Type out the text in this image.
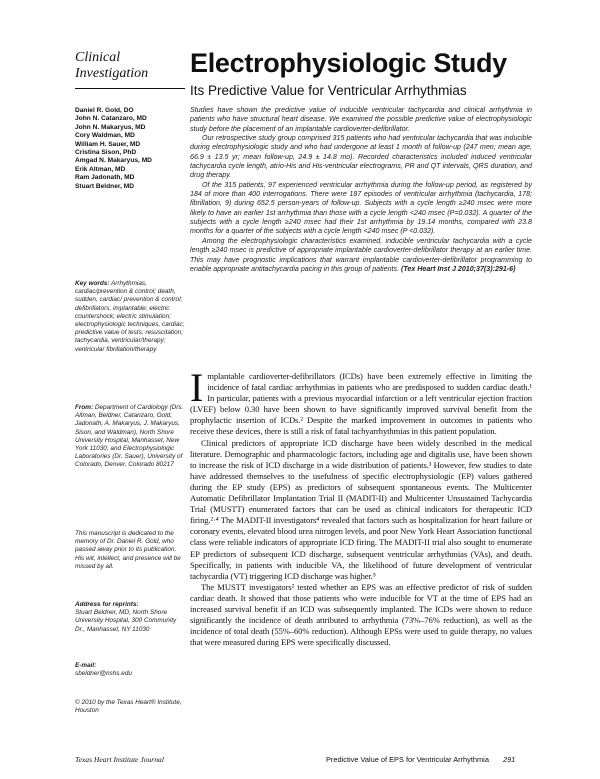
Clinical
Investigation	Electrophysiologic Study
Its Predictive Value for Ventricular Arrhythmias
Daniel R. Gold, DO
John N. Catanzaro, MD
John N. Makaryus, MD
Cory Waldman, MD
William H. Sauer, MD
Cristina Sison, PhD
Amgad N. Makaryus, MD
Erik Altman, MD
Ram Jadonath, MD
Stuart Beldner, MD

Studies have shown the predictive value of inducible ventricular tachycardia and clinical arrhythmia in patients who have structural heart disease. We examined the possible predictive value of electrophysiologic study before the placement of an implantable cardioverter-defibrillator.

Our retrospective study group comprised 315 patients who had ventricular tachycardia that was inducible during electrophysiologic study and who had undergone at least 1 month of follow-up (247 men; mean age, 66.9 ± 13.5 yr; mean follow-up, 24.9 ± 14.8 mo). Recorded characteristics included induced ventricular tachycardia cycle length, atrio-His and His-ventricular electrograms, PR and QT intervals, QRS duration, and drug therapy.

Of the 315 patients, 97 experienced ventricular arrhythmia during the follow-up period, as registered by 184 of more than 400 interrogations. There were 187 episodes of ventricular arrhythmia (tachycardia, 178; fibrillation, 9) during 652.5 person-years of follow-up. Subjects with a cycle length ≥240 msec were more likely to have an earlier 1st arrhythmia than those with a cycle length <240 msec (P=0.032). A quarter of the subjects with a cycle length ≥240 msec had their 1st arrhythmia by 19.14 months, compared with 23.8 months for a quarter of the subjects with a cycle length <240 msec (P <0.032).

Among the electrophysiologic characteristics examined, inducible ventricular tachycardia with a cycle length ≥240 msec is predictive of appropriate implantable cardioverter-defibrillator therapy at an earlier time. This may have prognostic implications that warrant implantable cardioverter-defibrillator programming to enable appropriate antitachycardia pacing in this group of patients. (Tex Heart Inst J 2010;37(3):291-6)

Key words: Arrhythmias, cardiac/prevention & control; death, sudden, cardiac/ prevention & control; defibrillators, implantable; electric countershock; electric stimulation; electrophysiologic techniques, cardiac; predictive value of tests; resuscitation; tachycardia, ventricular/therapy; ventricular fibrillation/therapy
From: Department of Cardiology (Drs. Altman, Beldner, Catanzaro, Gold, Jadonath, A. Makaryus, J. Makaryus, Sison, and Waldman), North Shore University Hospital, Manhasset, New York 11030; and Electrophysiologic Laboratories (Dr. Sauer), University of Colorado, Denver, Colorado 80217
This manuscript is dedicated to the memory of Dr. Daniel R. Gold, who passed away prior to its publication. His wit, intellect, and presence will be missed by all.
Address for reprints:
Stuart Beldner, MD, North Shore University Hospital, 300 Community Dr., Manhasset, NY 11030
E-mail:
sbeldner@nshs.edu
© 2010 by the Texas Heart® Institute, Houston

Implantable cardioverter-defibrillators (ICDs) have been extremely effective in limiting the incidence of fatal cardiac arrhythmias in patients who are predisposed to sudden cardiac death.¹ In particular, patients with a previous myocardial infarction or a left ventricular ejection fraction (LVEF) below 0.30 have been shown to have significantly improved survival benefit from the prophylactic insertion of ICDs.² Despite the marked improvement in outcomes in patients who receive these devices, there is still a risk of fatal tachyarrhythmias in this patient population.

Clinical predictors of appropriate ICD discharge have been widely described in the medical literature. Demographic and pharmacologic factors, including age and digitalis use, have been shown to increase the risk of ICD discharge in a wide distribution of patients.³ However, few studies to date have addressed themselves to the usefulness of specific electrophysiologic (EP) values gathered during the EP study (EPS) as predictors of subsequent spontaneous events. The Multicenter Automatic Defibrillator Implantation Trial II (MADIT-II) and Multicenter Unsustained Tachycardia Trial (MUSTT) enumerated factors that can be used as clinical indicators for therapeutic ICD firing.²·⁴ The MADIT-II investigators⁴ revealed that factors such as hospitalization for heart failure or coronary events, elevated blood urea nitrogen levels, and poor New York Heart Association functional class were reliable indicators of appropriate ICD firing. The MADIT-II trial also sought to enumerate EP predictors of subsequent ICD discharge, subsequent ventricular arrhythmias (VAs), and death. Specifically, in patients with inducible VA, the likelihood of future development of ventricular tachycardia (VT) triggering ICD discharge was higher.⁵

The MUSTT investigators² tested whether an EPS was an effective predictor of risk of sudden cardiac death. It showed that those patients who were inducible for VT at the time of EPS had an increased survival benefit if an ICD was subsequently implanted. The ICDs were shown to reduce significantly the incidence of death attributed to arrhythmia (73%–76% reduction), as well as the incidence of total death (55%–60% reduction). Although EPSs were used to guide therapy, no values that were measured during EPS were specifically discussed.

Texas Heart Institute Journal	Predictive Value of EPS for Ventricular Arrhythmia 291
